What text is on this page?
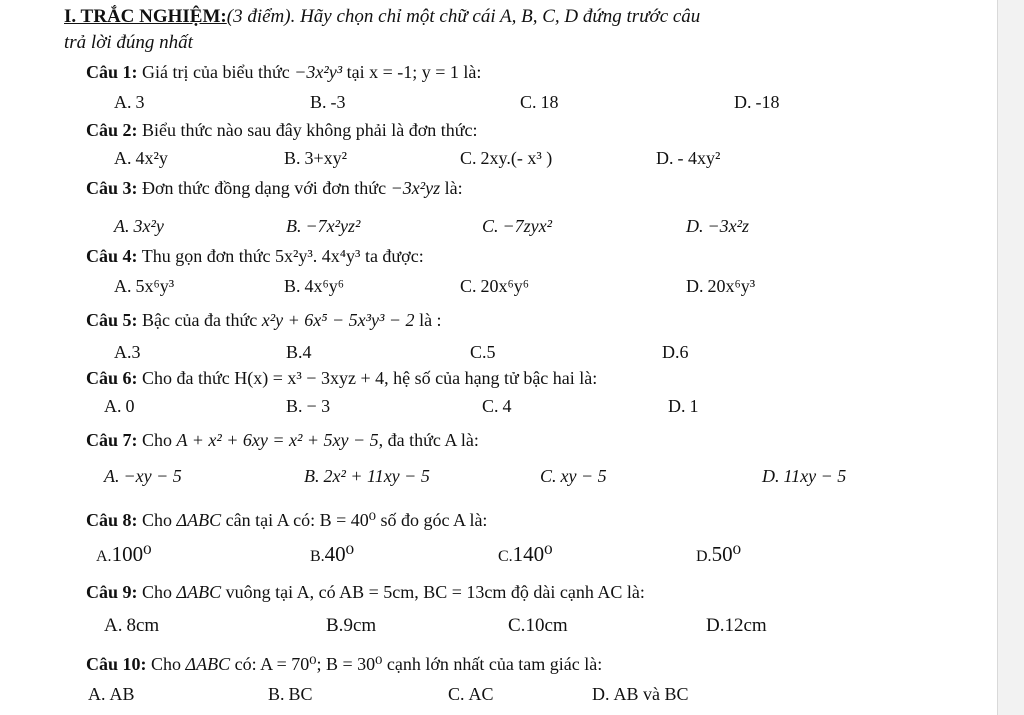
I. TRẮC NGHIỆM:(3 điểm). Hãy chọn chỉ một chữ cái A, B, C, D đứng trước câu
trả lời đúng nhất
Câu 1: Giá trị của biểu thức −3x²y³ tại x = -1; y = 1 là:
A. 3	B. -3	C. 18	D. -18
Câu 2: Biểu thức nào sau đây không phải là đơn thức:
A. 4x²y	B. 3+xy²	C. 2xy.(- x³ )	D. - 4xy²
Câu 3: Đơn thức đồng dạng với đơn thức −3x²yz là:
A. 3x²y	B. −7x²yz²	C. −7zyx²	D. −3x²z
Câu 4: Thu gọn đơn thức 5x²y³. 4x⁴y³ ta được:
A. 5x⁶y³	B. 4x⁶y⁶	C. 20x⁶y⁶	D. 20x⁶y³
Câu 5: Bậc của đa thức x²y + 6x⁵ − 5x³y³ − 2 là :
A.3	B.4	C.5	D.6
Câu 6: Cho đa thức H(x) = x³ − 3xyz + 4, hệ số của hạng tử bậc hai là:
A. 0	B. − 3	C. 4	D. 1
Câu 7: Cho A + x² + 6xy = x² + 5xy − 5, đa thức A là:
A. −xy − 5	B. 2x² + 11xy − 5	C. xy − 5	D. 11xy − 5
Câu 8: Cho ΔABC cân tại A có: B = 40⁰ số đo góc A là:
A.100⁰	B.40⁰	C.140⁰	D.50⁰
Câu 9: Cho ΔABC vuông tại A, có AB = 5cm, BC = 13cm độ dài cạnh AC là:
A. 8cm	B.9cm	C.10cm	D.12cm
Câu 10: Cho ΔABC có: A = 70⁰; B = 30⁰ cạnh lớn nhất của tam giác là:
A. AB	B. BC	C. AC	D. AB và BC
